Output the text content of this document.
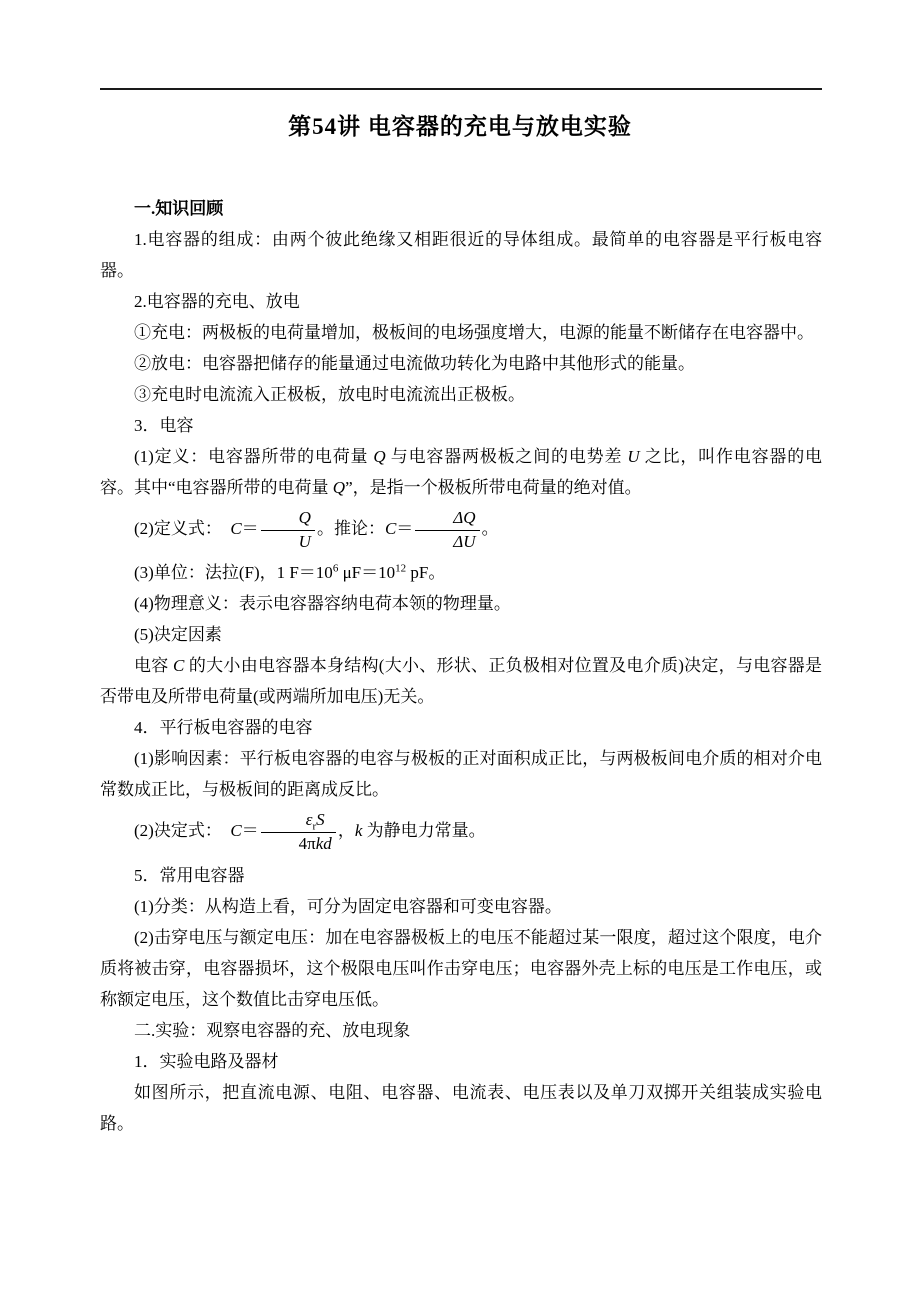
第54讲 电容器的充电与放电实验

一.知识回顾

1.电容器的组成：由两个彼此绝缘又相距很近的导体组成。最简单的电容器是平行板电容器。

2.电容器的充电、放电

①充电：两极板的电荷量增加，极板间的电场强度增大，电源的能量不断储存在电容器中。

②放电：电容器把储存的能量通过电流做功转化为电路中其他形式的能量。

③充电时电流流入正极板，放电时电流流出正极板。

3．电容

(1)定义：电容器所带的电荷量 Q 与电容器两极板之间的电势差 U 之比，叫作电容器的电容。其中“电容器所带的电荷量 Q”，是指一个极板所带电荷量的绝对值。

(2)定义式：　$C= \frac{Q}{U}$ 。推论：$C= \frac{\Delta Q}{\Delta U}$ 。

(3)单位：法拉(F)，1 $F=10^6$ $\mu F=10^{12}$ pF。

(4)物理意义：表示电容器容纳电荷本领的物理量。

(5)决定因素

电容 C 的大小由电容器本身结构(大小、形状、正负极相对位置及电介质)决定，与电容器是否带电及所带电荷量(或两端所加电压)无关。

4．平行板电容器的电容

(1)影响因素：平行板电容器的电容与极板的正对面积成正比，与两极板间电介质的相对介电常数成正比，与极板间的距离成反比。

(2)决定式：　$C= \frac{\varepsilon_rS}{\text{4πkd}}$ ，k 为静电力常量。

5．常用电容器

(1)分类：从构造上看，可分为固定电容器和可变电容器。

(2)击穿电压与额定电压：加在电容器极板上的电压不能超过某一限度，超过这个限度，电介质将被击穿，电容器损坏，这个极限电压叫作击穿电压；电容器外壳上标的电压是工作电压，或称额定电压，这个数值比击穿电压低。

二.实验：观察电容器的充、放电现象

1．实验电路及器材

如图所示，把直流电源、电阻、电容器、电流表、电压表以及单刀双掷开关组装成实验电路。
